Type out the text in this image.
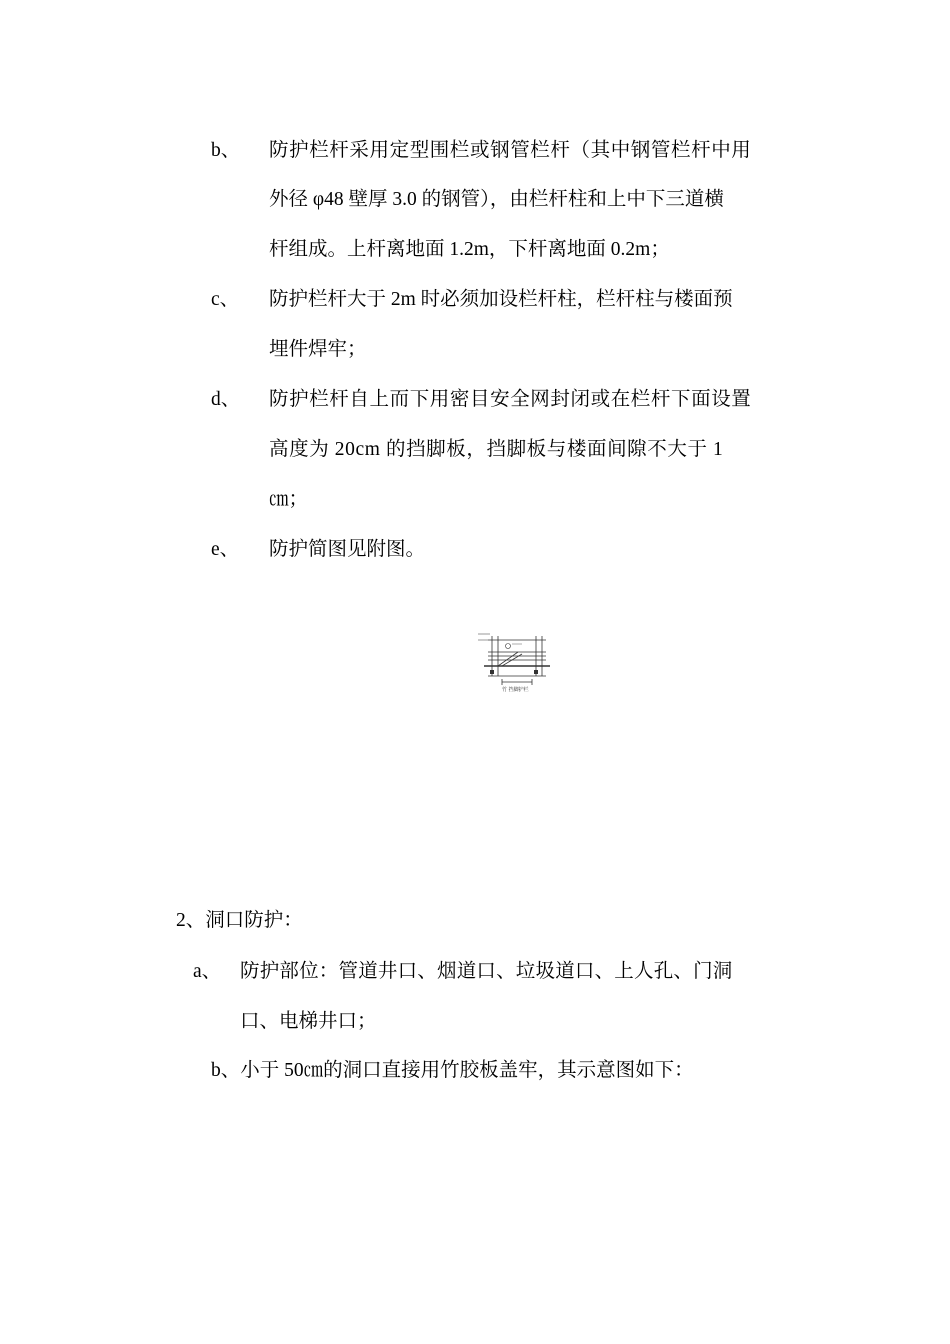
b、 防护栏杆采用定型围栏或钢管栏杆（其中钢管栏杆中用
外径 φ48 壁厚 3.0 的钢管），由栏杆柱和上中下三道横
杆组成。上杆离地面 1.2m，下杆离地面 0.2m；
c、 防护栏杆大于 2m 时必须加设栏杆柱，栏杆柱与楼面预
埋件焊牢；
d、 防护栏杆自上而下用密目安全网封闭或在栏杆下面设置
高度为 20cm 的挡脚板，挡脚板与楼面间隙不大于 1
㎝；
e、 防护简图见附图。
竹 挡脚护栏
2、洞口防护：
a、 防护部位：管道井口、烟道口、垃圾道口、上人孔、门洞
口、电梯井口；
b、小于 50㎝的洞口直接用竹胶板盖牢，其示意图如下：
